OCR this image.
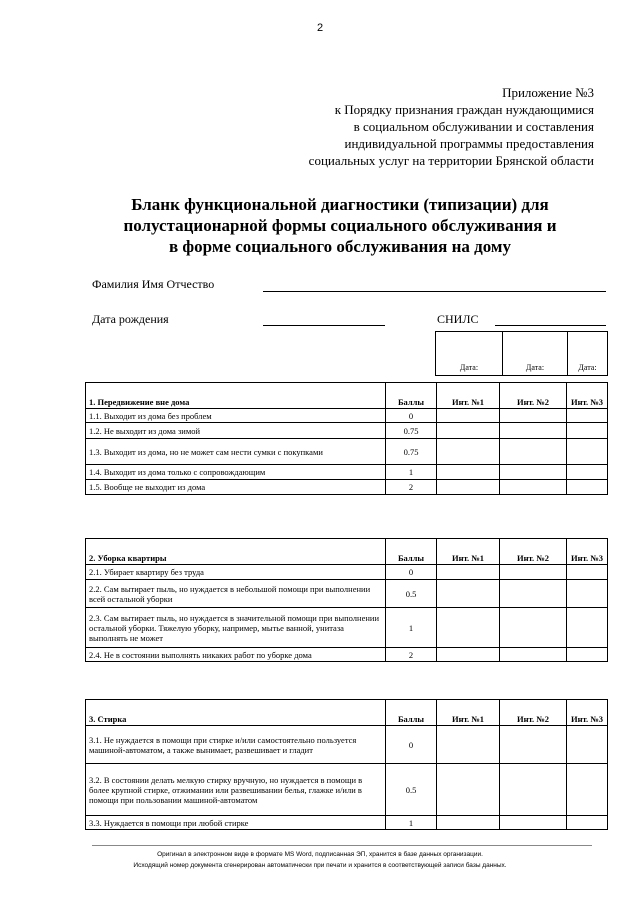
2
Приложение №3
к Порядку признания граждан нуждающимися
в социальном обслуживании и составления
индивидуальной программы предоставления
социальных услуг на территории Брянской области
Бланк функциональной диагностики (типизации) для
полустационарной формы социального обслуживания и
в форме социального обслуживания на дому
Фамилия Имя Отчество
Дата рождения	СНИЛС
Дата:	Дата:	Дата:
1. Передвижение вне дома	Баллы	Инт. №1	Инт. №2	Инт. №3
1.1. Выходит из дома без проблем	0			
1.2. Не выходит из дома зимой	0.75			
1.3. Выходит из дома, но не может сам нести сумки с покупками	0.75			
1.4. Выходит из дома только с сопровождающим	1			
1.5. Вообще не выходит из дома	2			
2. Уборка квартиры	Баллы	Инт. №1	Инт. №2	Инт. №3
2.1. Убирает квартиру без труда	0			
2.2. Сам вытирает пыль, но нуждается в небольшой помощи при выполнении всей остальной уборки	0.5			
2.3. Сам вытирает пыль, но нуждается в значительной помощи при выполнении остальной уборки. Тяжелую уборку, например, мытье ванной, унитаза выполнять не может	1			
2.4. Не в состоянии выполнять никаких работ по уборке дома	2			
3. Стирка	Баллы	Инт. №1	Инт. №2	Инт. №3
3.1. Не нуждается в помощи при стирке и/или самостоятельно пользуется машиной-автоматом, а также вынимает, развешивает и гладит	0			
3.2. В состоянии делать мелкую стирку вручную, но нуждается в помощи в более крупной стирке, отжимании или развешивании белья, глажке и/или в помощи при пользовании машиной-автоматом	0.5			
3.3. Нуждается в помощи при любой стирке	1			
Оригинал в электронном виде в формате MS Word, подписанная ЭП, хранится в базе данных организации.
Исходящий номер документа сгенерирован автоматически при печати и хранится в соответствующей записи базы данных.
